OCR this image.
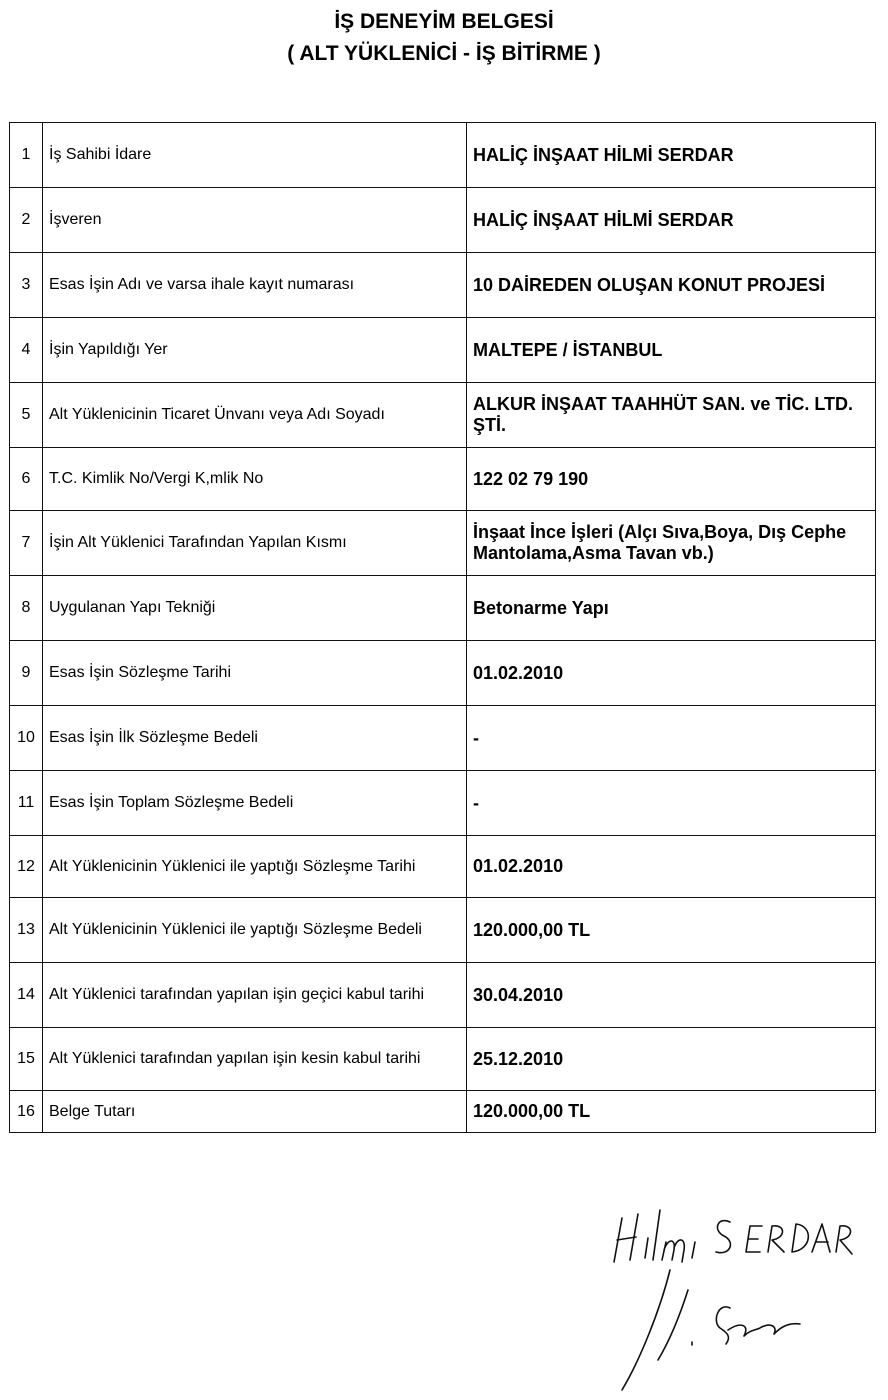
İŞ DENEYİM BELGESİ
( ALT YÜKLENİCİ - İŞ BİTİRME )
1	İş Sahibi İdare	HALİÇ İNŞAAT HİLMİ SERDAR
2	İşveren	HALİÇ İNŞAAT HİLMİ SERDAR
3	Esas İşin Adı ve varsa ihale kayıt numarası	10 DAİREDEN OLUŞAN KONUT PROJESİ
4	İşin Yapıldığı Yer	MALTEPE / İSTANBUL
5	Alt Yüklenicinin Ticaret Ünvanı veya Adı Soyadı	ALKUR İNŞAAT TAAHHÜT SAN. ve TİC. LTD. ŞTİ.
6	T.C. Kimlik No/Vergi K,mlik No	122 02 79 190
7	İşin Alt Yüklenici Tarafından Yapılan Kısmı	İnşaat İnce İşleri (Alçı Sıva,Boya, Dış Cephe Mantolama,Asma Tavan vb.)
8	Uygulanan Yapı Tekniği	Betonarme Yapı
9	Esas İşin Sözleşme Tarihi	01.02.2010
10	Esas İşin İlk Sözleşme Bedeli	-
11	Esas İşin Toplam Sözleşme Bedeli	-
12	Alt Yüklenicinin Yüklenici ile yaptığı Sözleşme Tarihi	01.02.2010
13	Alt Yüklenicinin Yüklenici ile yaptığı Sözleşme Bedeli	120.000,00 TL
14	Alt Yüklenici tarafından yapılan işin geçici kabul tarihi	30.04.2010
15	Alt Yüklenici tarafından yapılan işin kesin kabul tarihi	25.12.2010
16	Belge Tutarı	120.000,00 TL
